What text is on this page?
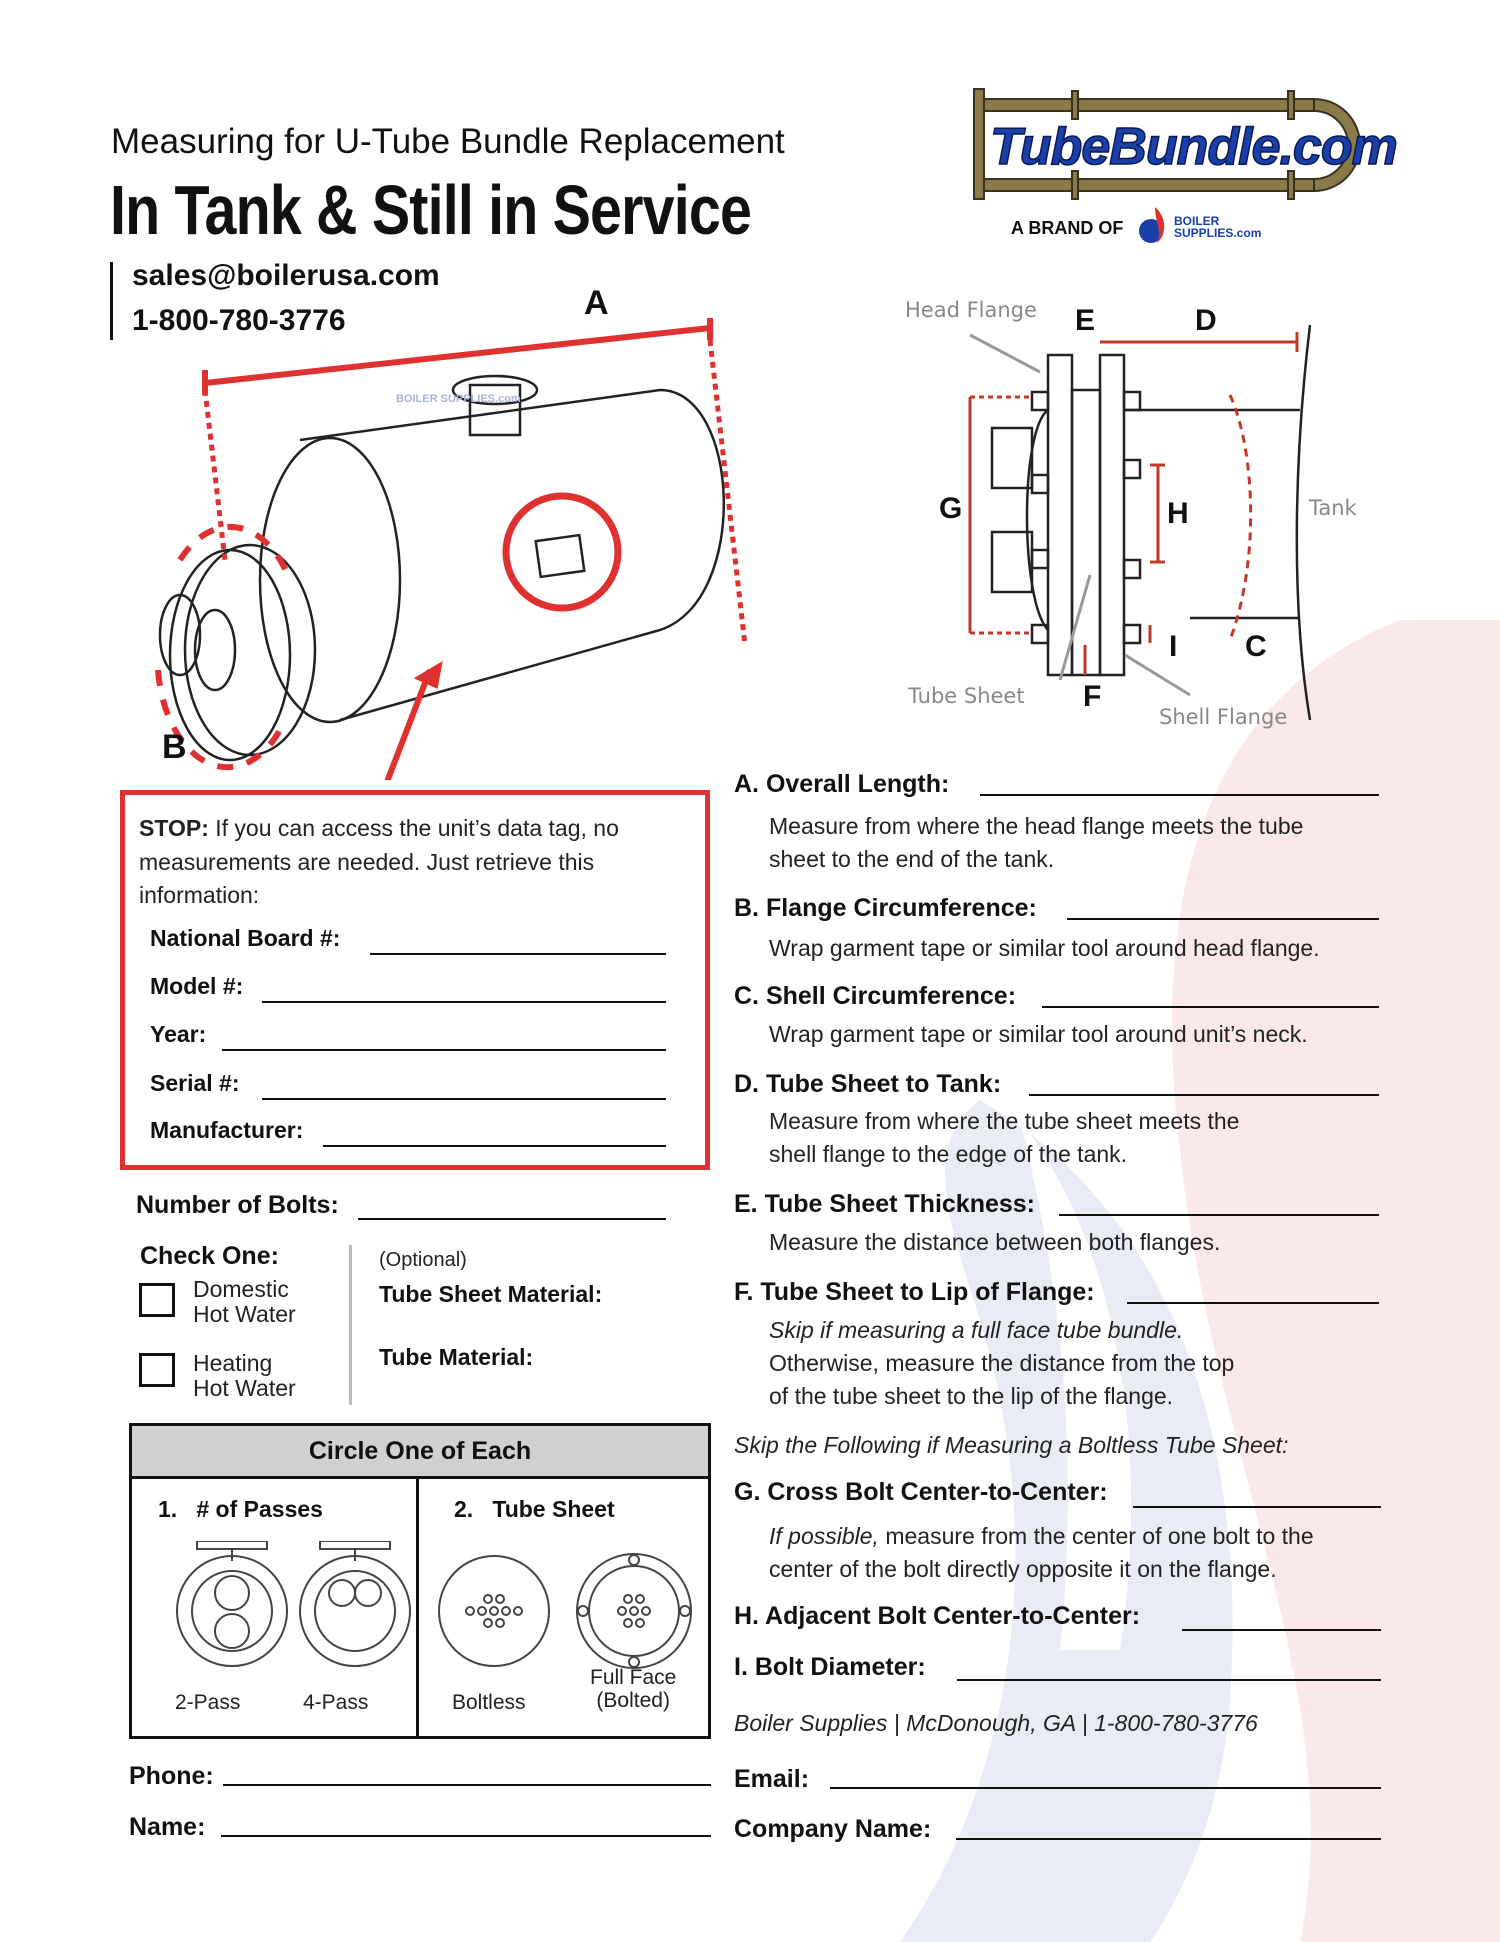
Measuring for U-Tube Bundle Replacement
In Tank & Still in Service
sales@boilerusa.com
1-800-780-3776
TubeBundle.com
A BRAND OF	BOILER SUPPLIES.com
BOILER SUPPLIES.com
A
B
Head Flange
Tube Sheet
Shell Flange
Tank
C
D
E
F
G	H
I
STOP: If you can access the unit’s data tag, no
measurements are needed. Just retrieve this
information:
National Board #:
Model #:
Year:
Serial #:
Manufacturer:
Number of Bolts:
Check One:
Domestic
Hot Water
Heating
Hot Water
(Optional)
Tube Sheet Material:
Tube Material:
Circle One of Each
1. # of Passes	2. Tube Sheet
2-Pass	4-Pass	Boltless
Full Face
(Bolted)
Phone:
Name:
A. Overall Length:
Measure from where the head flange meets the tube
sheet to the end of the tank.
B. Flange Circumference:
Wrap garment tape or similar tool around head flange.
C. Shell Circumference:
Wrap garment tape or similar tool around unit’s neck.
D. Tube Sheet to Tank:
Measure from where the tube sheet meets the
shell flange to the edge of the tank.
E. Tube Sheet Thickness:
Measure the distance between both flanges.
F. Tube Sheet to Lip of Flange:
Skip if measuring a full face tube bundle.
Otherwise, measure the distance from the top
of the tube sheet to the lip of the flange.
Skip the Following if Measuring a Boltless Tube Sheet:
G. Cross Bolt Center-to-Center:
If possible, measure from the center of one bolt to the
center of the bolt directly opposite it on the flange.
H. Adjacent Bolt Center-to-Center:
I. Bolt Diameter:
Boiler Supplies | McDonough, GA | 1-800-780-3776
Email:
Company Name:
